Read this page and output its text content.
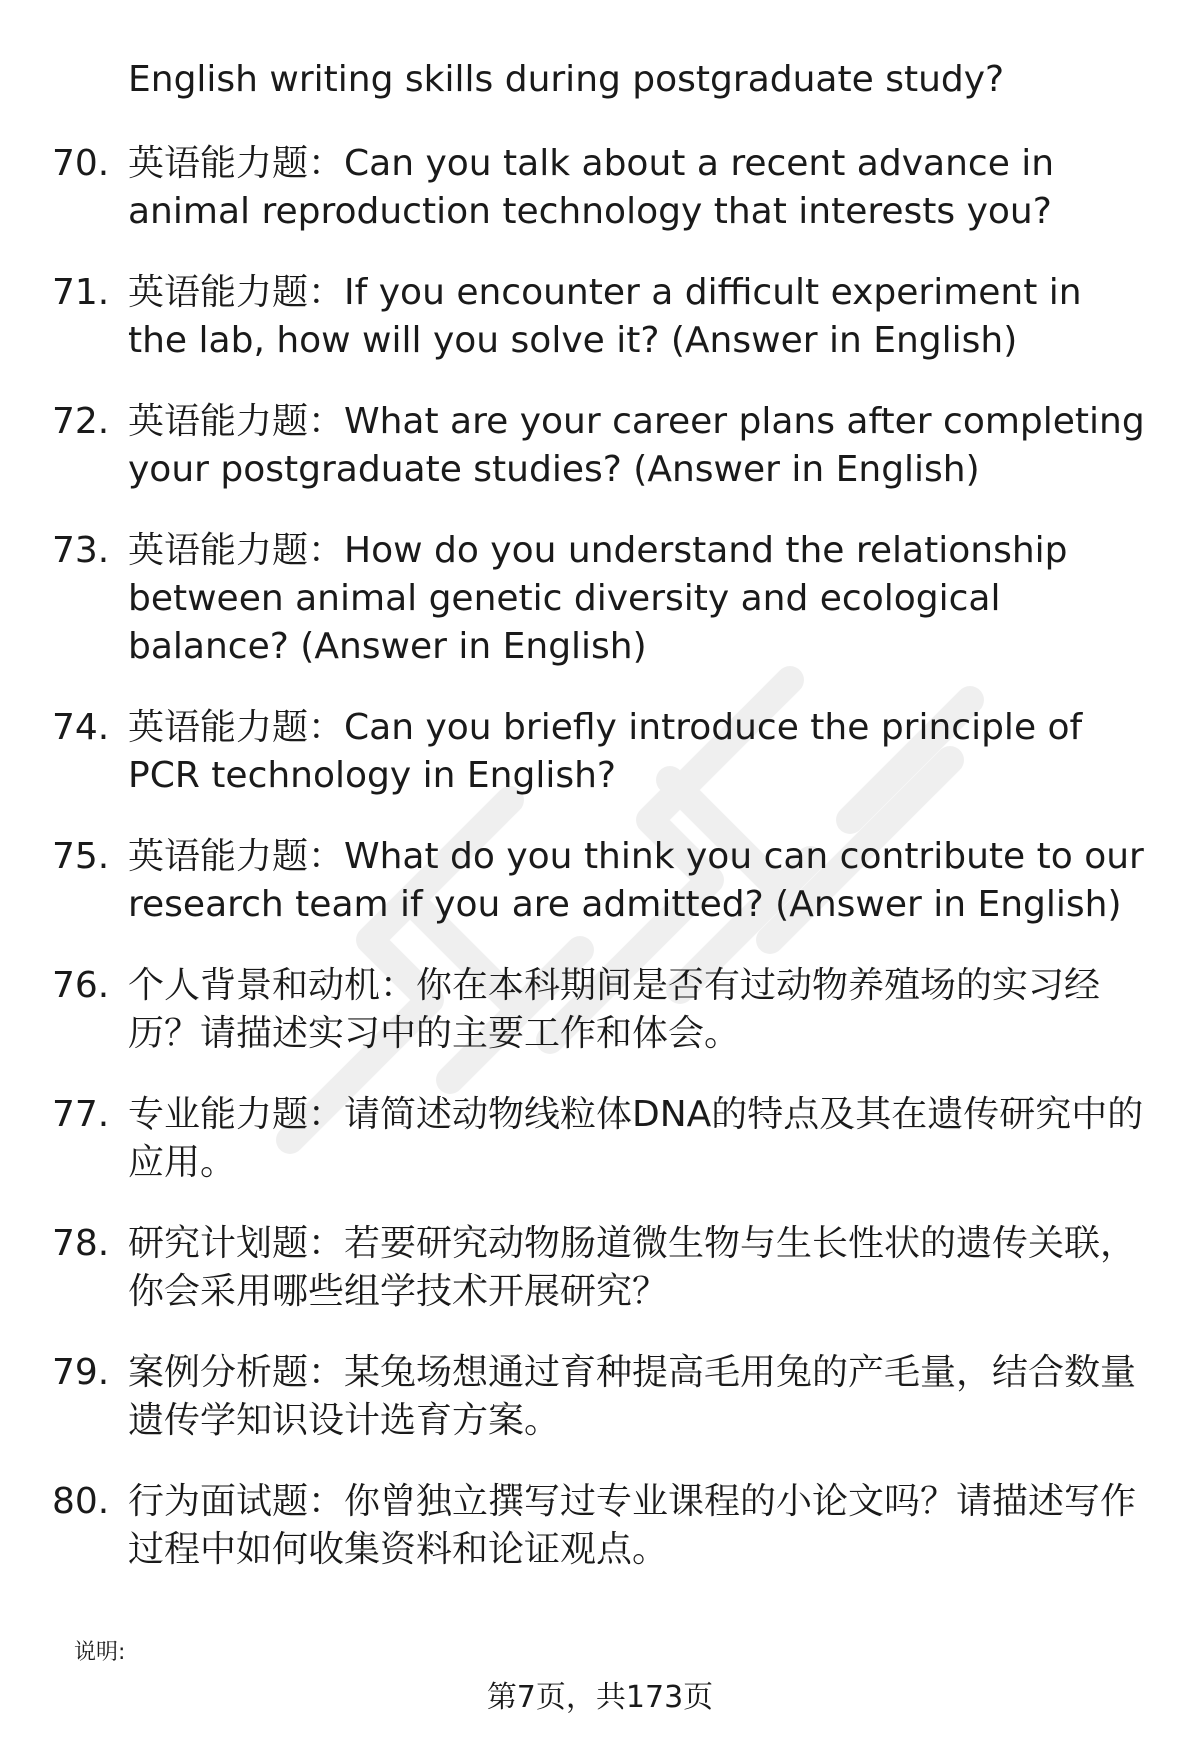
English writing skills during postgraduate study?

70. 英语能力题：Can you talk about a recent advance in animal reproduction technology that interests you?
71. 英语能力题：If you encounter a difficult experiment in the lab, how will you solve it? (Answer in English)
72. 英语能力题：What are your career plans after completing your postgraduate studies? (Answer in English)
73. 英语能力题：How do you understand the relationship between animal genetic diversity and ecological balance? (Answer in English)
74. 英语能力题：Can you briefly introduce the principle of PCR technology in English?
75. 英语能力题：What do you think you can contribute to our research team if you are admitted? (Answer in English)
76. 个人背景和动机：你在本科期间是否有过动物养殖场的实习经历？请描述实习中的主要工作和体会。
77. 专业能力题：请简述动物线粒体DNA的特点及其在遗传研究中的应用。
78. 研究计划题：若要研究动物肠道微生物与生长性状的遗传关联，你会采用哪些组学技术开展研究？
79. 案例分析题：某兔场想通过育种提高毛用兔的产毛量，结合数量遗传学知识设计选育方案。
80. 行为面试题：你曾独立撰写过专业课程的小论文吗？请描述写作过程中如何收集资料和论证观点。
说明:
第7页，共173页
